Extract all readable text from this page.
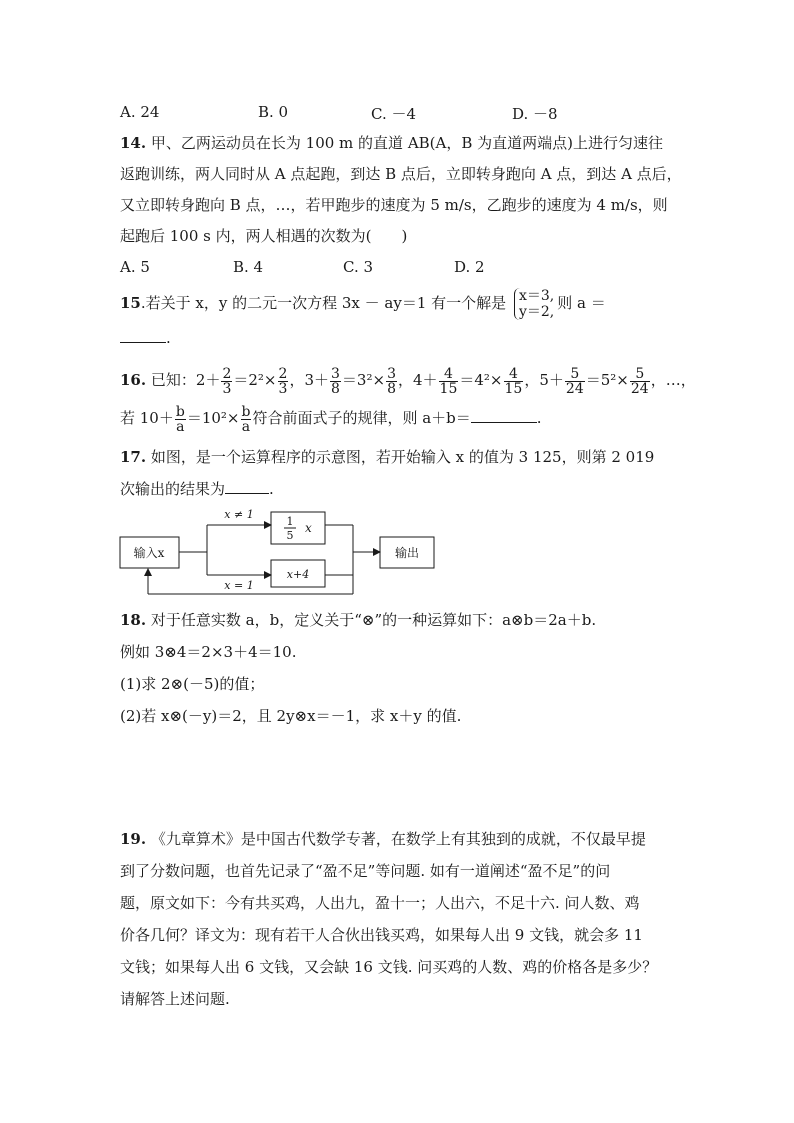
A. 24	B. 0	C. －4	D. －8
14. 甲、乙两运动员在长为 100 m 的直道 AB(A，B 为直道两端点)上进行匀速往
返跑训练，两人同时从 A 点起跑，到达 B 点后，立即转身跑向 A 点，到达 A 点后，
又立即转身跑向 B 点，…，若甲跑步的速度为 5 m/s，乙跑步的速度为 4 m/s，则
起跑后 100 s 内，两人相遇的次数为(　　)
A. 5	B. 4	C. 3	D. 2
15.若关于 x，y 的二元一次方程 3x － ay＝1 有一个解是 x＝3,
y＝2, 则 a ＝
.
16. 已知：$2+ \frac{2}{3} =2^2\times \frac{2}{3}$ ，$3+ \frac{3}{8} =3^2\times \frac{3}{8}$ ，$4+ \frac{4}{15} =4^2\times \frac{4}{15}$ ，$5+ \frac{5}{24} =5^2\times \frac{5}{24}$ ，…，
若 $10+ \frac{b}{a} =10^2\times \frac{b}{a}$ 符合前面式子的规律，则 a＋b＝	.
17. 如图，是一个运算程序的示意图，若开始输入 x 的值为 3 125，则第 2 019
次输出的结果为	.
输入x
x ≠ 1
1
5
x
x = 1
x+4
输出
18. 对于任意实数 a，b，定义关于“⊗”的一种运算如下：a⊗b＝2a＋b.
例如 3⊗4＝2×3＋4＝10.
(1)求 2⊗(－5)的值；
(2)若 x⊗(－y)＝2，且 2y⊗x＝－1，求 x＋y 的值.
19. 《九章算术》是中国古代数学专著，在数学上有其独到的成就，不仅最早提
到了分数问题，也首先记录了“盈不足”等问题. 如有一道阐述“盈不足”的问
题，原文如下：今有共买鸡，人出九，盈十一；人出六，不足十六. 问人数、鸡
价各几何？译文为：现有若干人合伙出钱买鸡，如果每人出 9 文钱，就会多 11
文钱；如果每人出 6 文钱，又会缺 16 文钱. 问买鸡的人数、鸡的价格各是多少？
请解答上述问题.
